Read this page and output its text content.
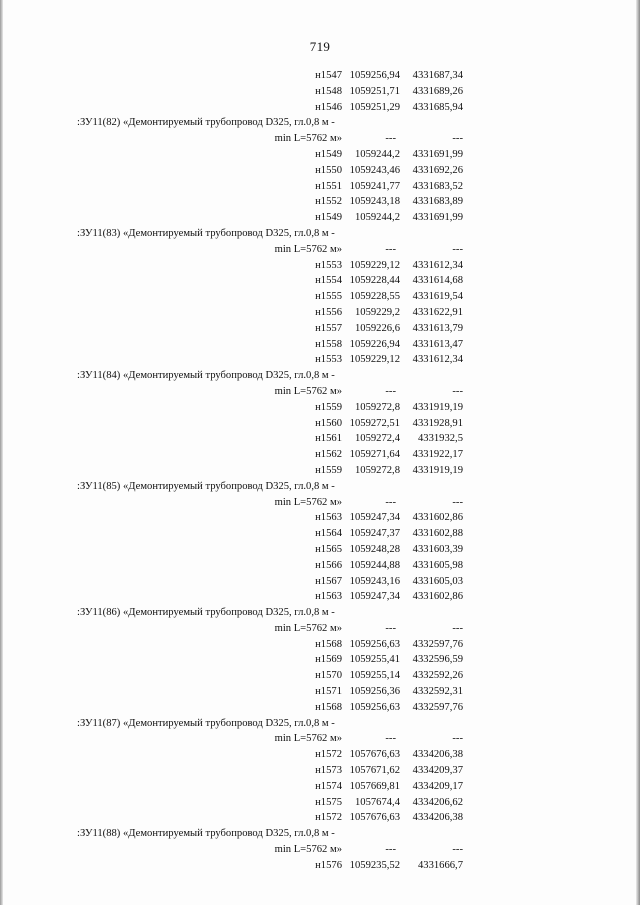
719
н1547 1059256,94 4331687,34
н1548 1059251,71 4331689,26
н1546 1059251,29 4331685,94
:ЗУ11(82) «Демонтируемый трубопровод D325, гл.0,8 м -
min L=5762 м»	---	---
н1549 1059244,2 4331691,99
н1550 1059243,46 4331692,26
н1551 1059241,77 4331683,52
н1552 1059243,18 4331683,89
н1549 1059244,2 4331691,99
:ЗУ11(83) «Демонтируемый трубопровод D325, гл.0,8 м -
min L=5762 м»	---	---
н1553 1059229,12 4331612,34
н1554 1059228,44 4331614,68
н1555 1059228,55 4331619,54
н1556 1059229,2 4331622,91
н1557 1059226,6 4331613,79
н1558 1059226,94 4331613,47
н1553 1059229,12 4331612,34
:ЗУ11(84) «Демонтируемый трубопровод D325, гл.0,8 м -
min L=5762 м»	---	---
н1559 1059272,8 4331919,19
н1560 1059272,51 4331928,91
н1561 1059272,4 4331932,5
н1562 1059271,64 4331922,17
н1559 1059272,8 4331919,19
:ЗУ11(85) «Демонтируемый трубопровод D325, гл.0,8 м -
min L=5762 м»	---	---
н1563 1059247,34 4331602,86
н1564 1059247,37 4331602,88
н1565 1059248,28 4331603,39
н1566 1059244,88 4331605,98
н1567 1059243,16 4331605,03
н1563 1059247,34 4331602,86
:ЗУ11(86) «Демонтируемый трубопровод D325, гл.0,8 м -
min L=5762 м»	---	---
н1568 1059256,63 4332597,76
н1569 1059255,41 4332596,59
н1570 1059255,14 4332592,26
н1571 1059256,36 4332592,31
н1568 1059256,63 4332597,76
:ЗУ11(87) «Демонтируемый трубопровод D325, гл.0,8 м -
min L=5762 м»	---	---
н1572 1057676,63 4334206,38
н1573 1057671,62 4334209,37
н1574 1057669,81 4334209,17
н1575 1057674,4 4334206,62
н1572 1057676,63 4334206,38
:ЗУ11(88) «Демонтируемый трубопровод D325, гл.0,8 м -
min L=5762 м»	---	---
н1576 1059235,52 4331666,7
